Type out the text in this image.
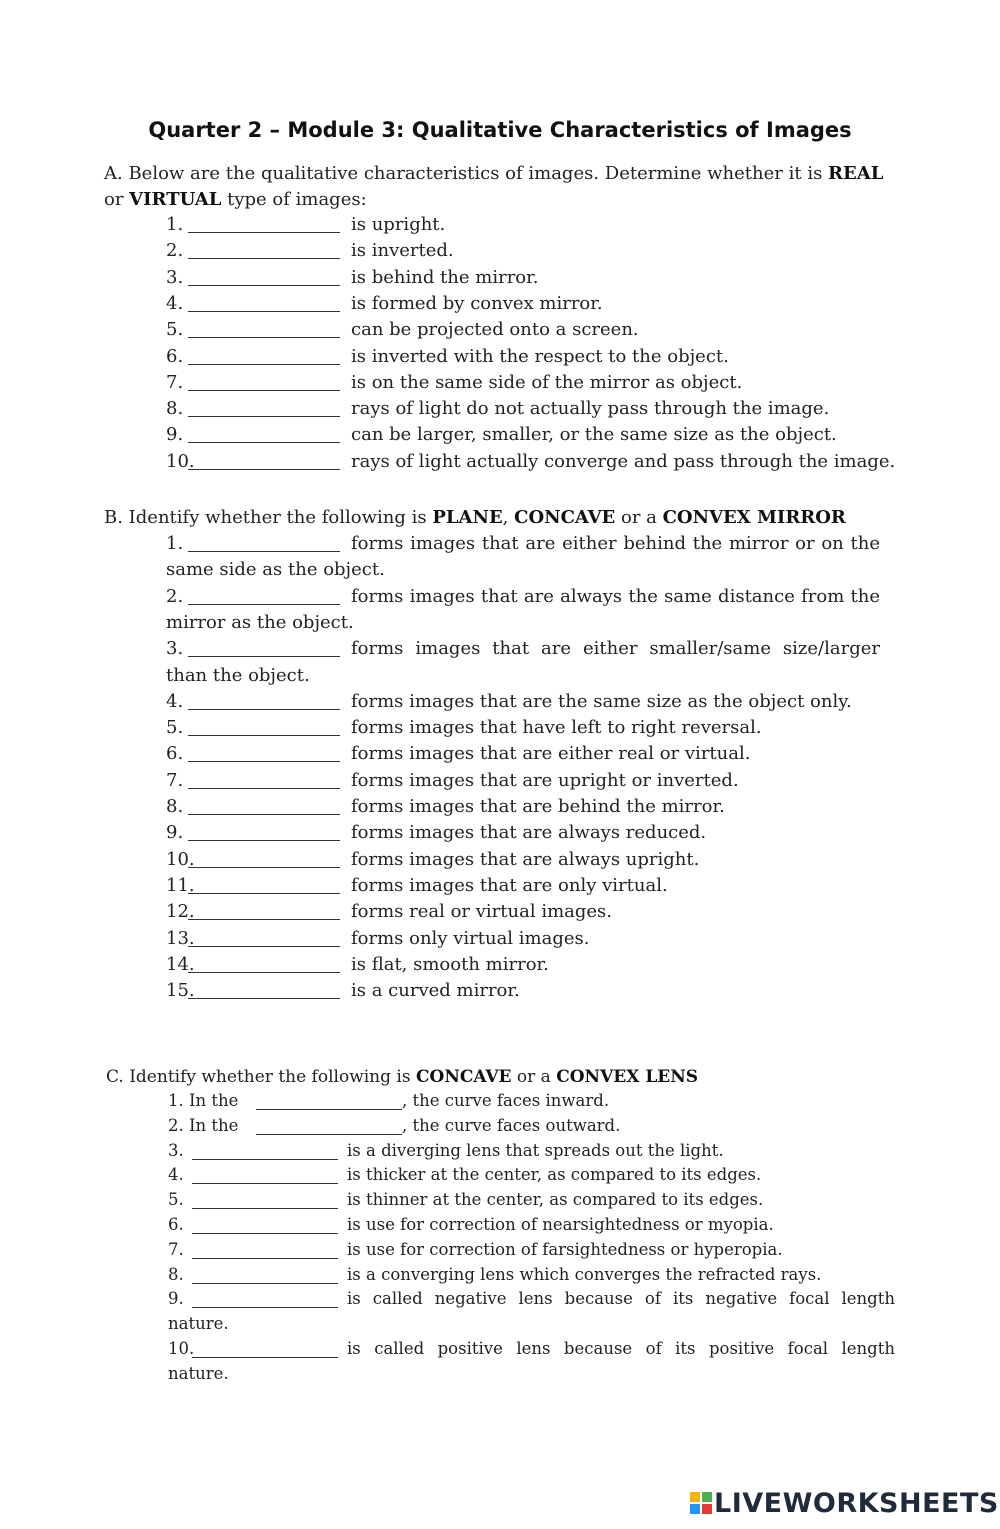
Quarter 2 – Module 3: Qualitative Characteristics of Images
A. Below are the qualitative characteristics of images. Determine whether it is REAL
or VIRTUAL type of images:
1.	is upright.
2.	is inverted.
3.	is behind the mirror.
4.	is formed by convex mirror.
5.	can be projected onto a screen.
6.	is inverted with the respect to the object.
7.	is on the same side of the mirror as object.
8.	rays of light do not actually pass through the image.
9.	can be larger, smaller, or the same size as the object.
10.	rays of light actually converge and pass through the image.
B. Identify whether the following is PLANE, CONCAVE or a CONVEX MIRROR
1.	forms images that are either behind the mirror or on the
same side as the object.
2.	forms images that are always the same distance from the
mirror as the object.
3.	forms images that are either smaller/same size/larger
than the object.
4.	forms images that are the same size as the object only.
5.	forms images that have left to right reversal.
6.	forms images that are either real or virtual.
7.	forms images that are upright or inverted.
8.	forms images that are behind the mirror.
9.	forms images that are always reduced.
10.	forms images that are always upright.
11.	forms images that are only virtual.
12.	forms real or virtual images.
13.	forms only virtual images.
14.	is flat, smooth mirror.
15.	is a curved mirror.
C. Identify whether the following is CONCAVE or a CONVEX LENS
1. In the	, the curve faces inward.
2. In the	, the curve faces outward.
3.	is a diverging lens that spreads out the light.
4.	is thicker at the center, as compared to its edges.
5.	is thinner at the center, as compared to its edges.
6.	is use for correction of nearsightedness or myopia.
7.	is use for correction of farsightedness or hyperopia.
8.	is a converging lens which converges the refracted rays.
9.	is called negative lens because of its negative focal length
nature.
10.	is called positive lens because of its positive focal length
nature.
LIVEWORKSHEETS
